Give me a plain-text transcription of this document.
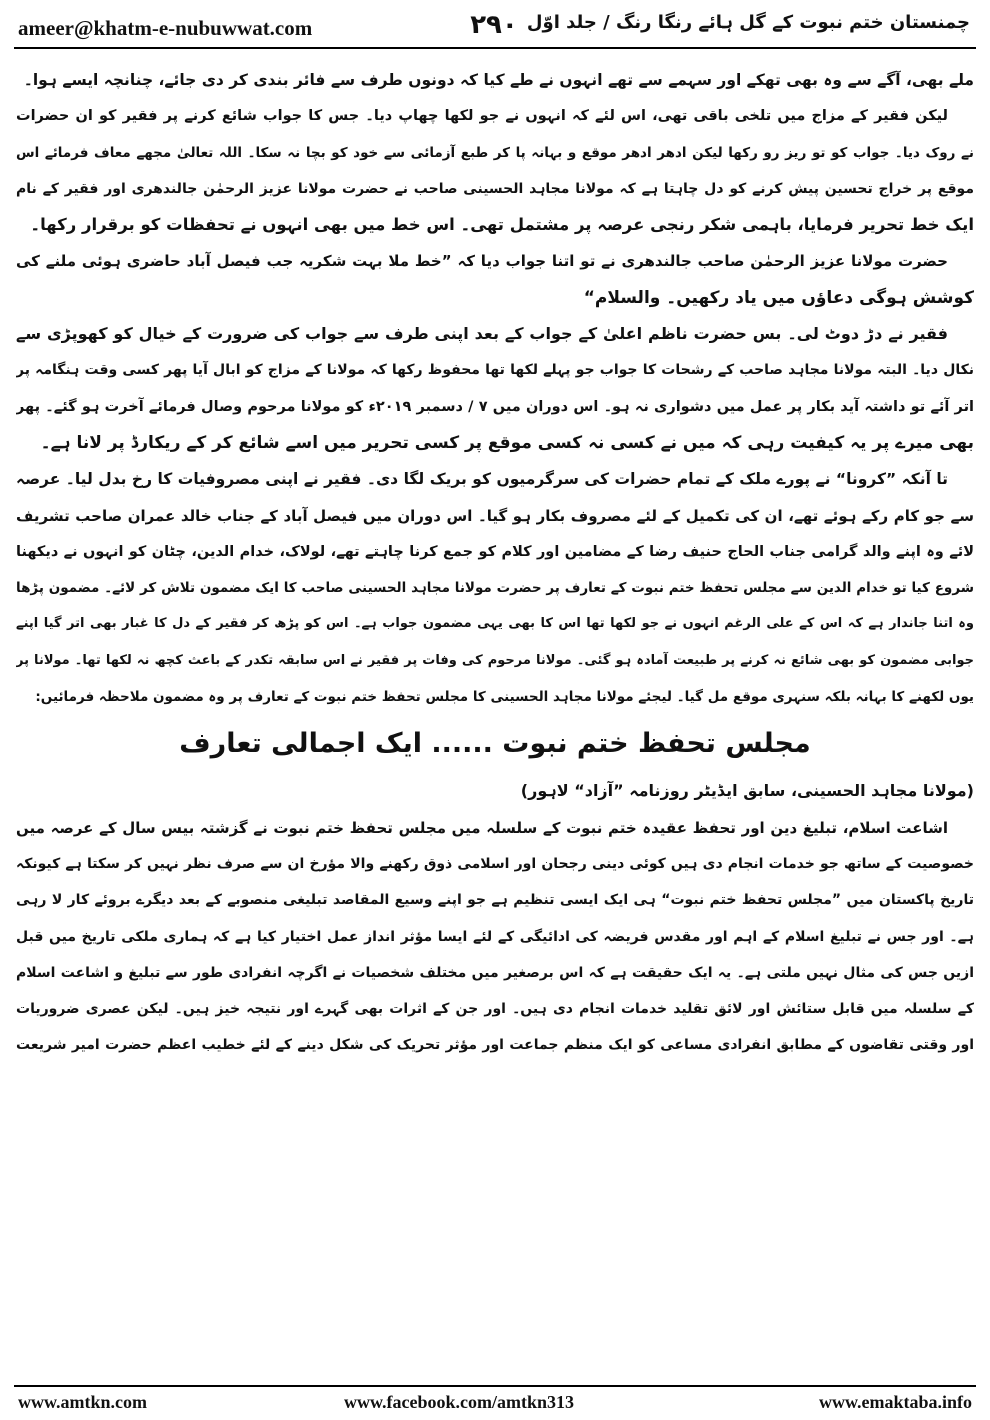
ameer@khatm-e-nubuwwat.com	۲۹۰ چمنستان ختم نبوت کے گل ہائے رنگا رنگ / جلد اوّل
ملے بھی، آگے سے وہ بھی تھکے اور سہمے سے تھے انہوں نے طے کیا کہ دونوں طرف سے فائر بندی کر دی جائے، چنانچہ ایسے ہوا۔
لیکن فقیر کے مزاج میں تلخی باقی تھی، اس لئے کہ انہوں نے جو لکھا چھاپ دیا۔ جس کا جواب شائع کرنے پر فقیر کو ان حضرات
نے روک دیا۔ جواب کو تو ریز رو رکھا لیکن ادھر ادھر موقع و بہانہ پا کر طبع آزمائی سے خود کو بچا نہ سکا۔ اللہ تعالیٰ مجھے معاف فرمائے اس
موقع پر خراج تحسین پیش کرنے کو دل چاہتا ہے کہ مولانا مجاہد الحسینی صاحب نے حضرت مولانا عزیز الرحمٰن جالندھری اور فقیر کے نام
ایک خط تحریر فرمایا، باہمی شکر رنجی عرصہ پر مشتمل تھی۔ اس خط میں بھی انہوں نے تحفظات کو برقرار رکھا۔
حضرت مولانا عزیز الرحمٰن صاحب جالندھری نے تو اتنا جواب دیا کہ ”خط ملا بہت شکریہ جب فیصل آباد حاضری ہوئی ملنے کی
کوشش ہوگی دعاؤں میں یاد رکھیں۔ والسلام“
فقیر نے دڑ دوٹ لی۔ بس حضرت ناظم اعلیٰ کے جواب کے بعد اپنی طرف سے جواب کی ضرورت کے خیال کو کھوپڑی سے
نکال دیا۔ البتہ مولانا مجاہد صاحب کے رشحات کا جواب جو پہلے لکھا تھا محفوظ رکھا کہ مولانا کے مزاج کو ابال آیا پھر کسی وقت ہنگامہ پر
اتر آئے تو داشتہ آید بکار پر عمل میں دشواری نہ ہو۔ اس دوران میں ۷ / دسمبر ۲۰۱۹ء کو مولانا مرحوم وصال فرمائے آخرت ہو گئے۔ پھر
بھی میرے پر یہ کیفیت رہی کہ میں نے کسی نہ کسی موقع پر کسی تحریر میں اسے شائع کر کے ریکارڈ پر لانا ہے۔
تا آنکہ ”کرونا“ نے پورے ملک کے تمام حضرات کی سرگرمیوں کو بریک لگا دی۔ فقیر نے اپنی مصروفیات کا رخ بدل لیا۔ عرصہ
سے جو کام رکے ہوئے تھے، ان کی تکمیل کے لئے مصروف بکار ہو گیا۔ اس دوران میں فیصل آباد کے جناب خالد عمران صاحب تشریف
لائے وہ اپنے والد گرامی جناب الحاج حنیف رضا کے مضامین اور کلام کو جمع کرنا چاہتے تھے، لولاک، خدام الدین، چٹان کو انہوں نے دیکھنا
شروع کیا تو خدام الدین سے مجلس تحفظ ختم نبوت کے تعارف پر حضرت مولانا مجاہد الحسینی صاحب کا ایک مضمون تلاش کر لائے۔ مضمون پڑھا
وہ اتنا جاندار ہے کہ اس کے علی الرغم انہوں نے جو لکھا تھا اس کا بھی یہی مضمون جواب ہے۔ اس کو پڑھ کر فقیر کے دل کا غبار بھی اتر گیا اپنے
جوابی مضمون کو بھی شائع نہ کرنے پر طبیعت آمادہ ہو گئی۔ مولانا مرحوم کی وفات پر فقیر نے اس سابقہ تکدر کے باعث کچھ نہ لکھا تھا۔ مولانا پر
یوں لکھنے کا بہانہ بلکہ سنہری موقع مل گیا۔ لیجئے مولانا مجاہد الحسینی کا مجلس تحفظ ختم نبوت کے تعارف پر وہ مضمون ملاحظہ فرمائیں:
مجلس تحفظ ختم نبوت ...... ایک اجمالی تعارف
(مولانا مجاہد الحسینی، سابق ایڈیٹر روزنامہ ”آزاد“ لاہور)
اشاعت اسلام، تبلیغ دین اور تحفظ عقیدہ ختم نبوت کے سلسلہ میں مجلس تحفظ ختم نبوت نے گزشتہ بیس سال کے عرصہ میں
خصوصیت کے ساتھ جو خدمات انجام دی ہیں کوئی دینی رجحان اور اسلامی ذوق رکھنے والا مؤرخ ان سے صرف نظر نہیں کر سکتا ہے کیونکہ
تاریخ پاکستان میں ”مجلس تحفظ ختم نبوت“ ہی ایک ایسی تنظیم ہے جو اپنے وسیع المقاصد تبلیغی منصوبے کے بعد دیگرے بروئے کار لا رہی
ہے۔ اور جس نے تبلیغ اسلام کے اہم اور مقدس فریضہ کی ادائیگی کے لئے ایسا مؤثر انداز عمل اختیار کیا ہے کہ ہماری ملکی تاریخ میں قبل
ازیں جس کی مثال نہیں ملتی ہے۔ یہ ایک حقیقت ہے کہ اس برصغیر میں مختلف شخصیات نے اگرچہ انفرادی طور سے تبلیغ و اشاعت اسلام
کے سلسلہ میں قابل ستائش اور لائق تقلید خدمات انجام دی ہیں۔ اور جن کے اثرات بھی گہرے اور نتیجہ خیز ہیں۔ لیکن عصری ضروریات
اور وقتی تقاضوں کے مطابق انفرادی مساعی کو ایک منظم جماعت اور مؤثر تحریک کی شکل دینے کے لئے خطیب اعظم حضرت امیر شریعت
www.amtkn.com	www.facebook.com/amtkn313	www.emaktaba.info
